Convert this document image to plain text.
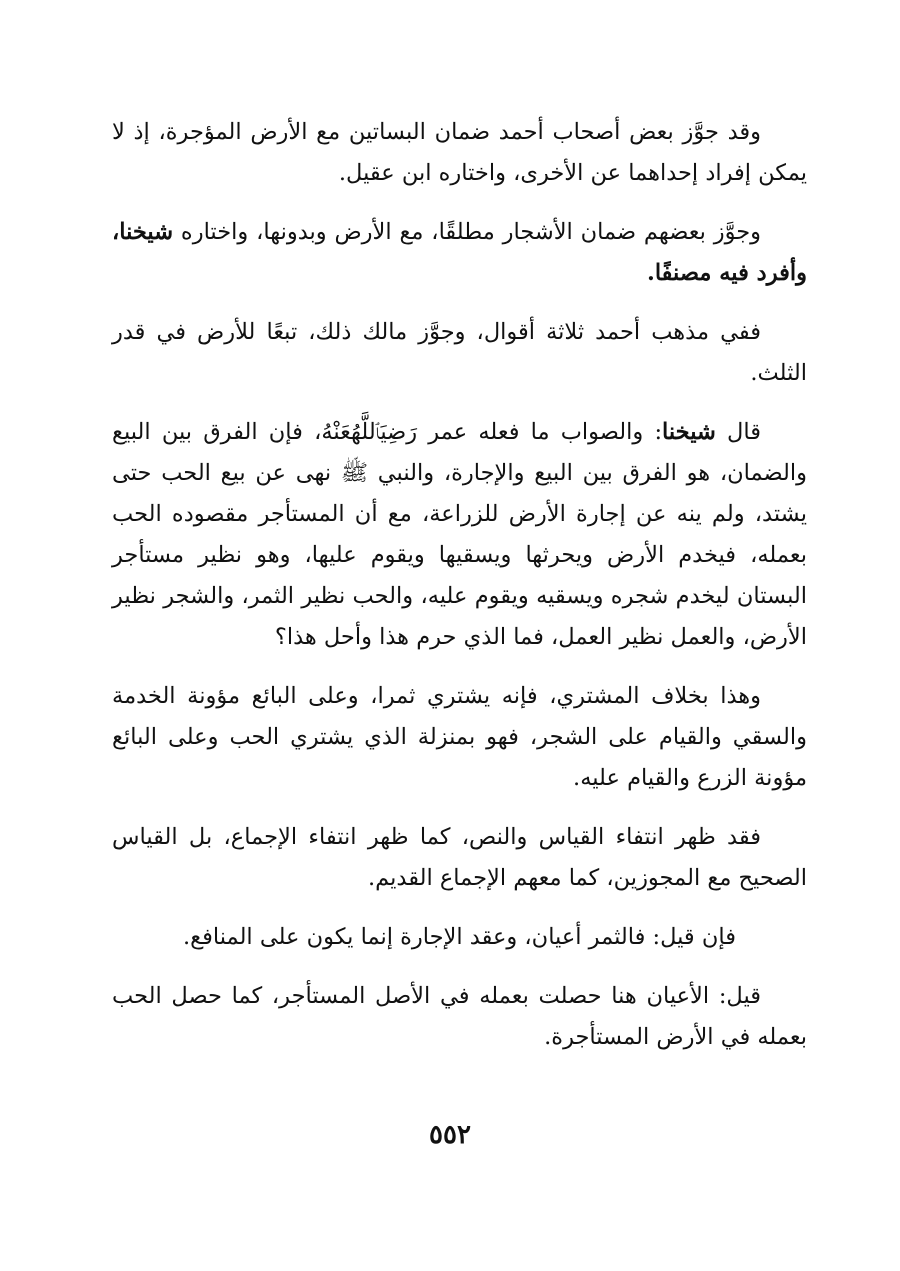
وقد جوَّز بعض أصحاب أحمد ضمان البساتين مع الأرض المؤجرة، إذ لا يمكن إفراد إحداهما عن الأخرى، واختاره ابن عقيل.

وجوَّز بعضهم ضمان الأشجار مطلقًا، مع الأرض وبدونها، واختاره شيخنا، وأفرد فيه مصنفًا.

ففي مذهب أحمد ثلاثة أقوال، وجوَّز مالك ذلك، تبعًا للأرض في قدر الثلث.

قال شيخنا: والصواب ما فعله عمر رَضِيَٱللَّهُعَنْهُ، فإن الفرق بين البيع والضمان، هو الفرق بين البيع والإجارة، والنبي ﷺ نهى عن بيع الحب حتى يشتد، ولم ينه عن إجارة الأرض للزراعة، مع أن المستأجر مقصوده الحب بعمله، فيخدم الأرض ويحرثها ويسقيها ويقوم عليها، وهو نظير مستأجر البستان ليخدم شجره ويسقيه ويقوم عليه، والحب نظير الثمر، والشجر نظير الأرض، والعمل نظير العمل، فما الذي حرم هذا وأحل هذا؟

وهذا بخلاف المشتري، فإنه يشتري ثمرا، وعلى البائع مؤونة الخدمة والسقي والقيام على الشجر، فهو بمنزلة الذي يشتري الحب وعلى البائع مؤونة الزرع والقيام عليه.

فقد ظهر انتفاء القياس والنص، كما ظهر انتفاء الإجماع، بل القياس الصحيح مع المجوزين، كما معهم الإجماع القديم.

فإن قيل: فالثمر أعيان، وعقد الإجارة إنما يكون على المنافع.

قيل: الأعيان هنا حصلت بعمله في الأصل المستأجر، كما حصل الحب بعمله في الأرض المستأجرة.

٥٥٢
